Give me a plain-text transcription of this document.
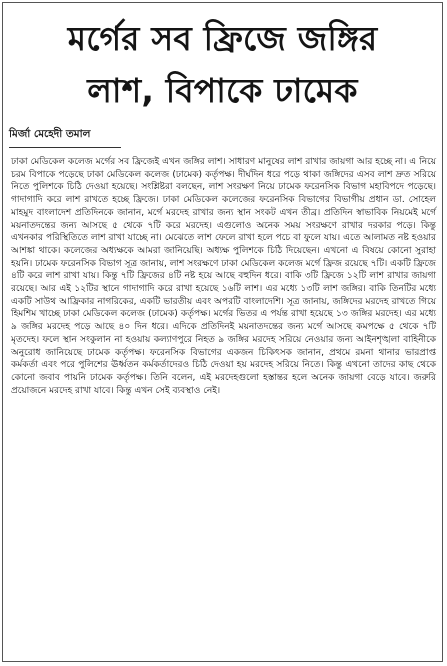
মর্গের সব ফ্রিজে জঙ্গির
লাশ, বিপাকে ঢামেক
মির্জা মেহেদী তমাল

ঢাকা মেডিকেল কলেজ মর্গের সব ফ্রিজেই এখন জঙ্গির লাশ। সাধারণ মানুষের লাশ রাখার জায়গা আর হচ্ছে না। এ নিয়ে চরম বিপাকে পড়েছে ঢাকা মেডিকেল কলেজ (ঢামেক) কর্তৃপক্ষ। দীর্ঘদিন ধরে পড়ে থাকা জঙ্গিদের এসব লাশ দ্রুত সরিয়ে নিতে পুলিশকে চিঠি দেওয়া হয়েছে। সংশ্লিষ্টরা বলছেন, লাশ সংরক্ষণ নিয়ে ঢামেক ফরেনসিক বিভাগ মহাবিপদে পড়েছে। গাদাগাদি করে লাশ রাখতে হচ্ছে ফ্রিজে। ঢাকা মেডিকেল কলেজের ফরেনসিক বিভাগের বিভাগীয় প্রধান ডা. সোহেল মাহমুদ বাংলাদেশ প্রতিদিনকে জানান, মর্গে মরদেহ রাখার জন্য স্থান সংকট এখন তীব্র। প্রতিদিন স্বাভাবিক নিয়মেই মর্গে ময়নাতদন্তের জন্য আসছে ৫ থেকে ৭টি করে মরদেহ। এগুলোও অনেক সময় সংরক্ষণে রাখার দরকার পড়ে। কিন্তু এখনকার পরিস্থিতিতে লাশ রাখা যাচ্ছে না। মেঝেতে লাশ ফেলে রাখা হলে পচে বা ফুলে যায়। এতে আলামত নষ্ট হওয়ার আশঙ্কা থাকে। কলেজের অধ্যক্ষকে আমরা জানিয়েছি। অধ্যক্ষ পুলিশকে চিঠি দিয়েছেন। এখনো এ বিষয়ে কোনো সুরাহা হয়নি। ঢামেক ফরেনসিক বিভাগ সূত্র জানায়, লাশ সংরক্ষণে ঢাকা মেডিকেল কলেজ মর্গে ফ্রিজ রয়েছে ৭টি। একটি ফ্রিজে ৪টি করে লাশ রাখা যায়। কিন্তু ৭টি ফ্রিজের ৪টি নষ্ট হয়ে আছে বহুদিন ধরে। বাকি ৩টি ফ্রিজে ১২টি লাশ রাখার জায়গা রয়েছে। আর এই ১২টির স্থানে গাদাগাদি করে রাখা হয়েছে ১৬টি লাশ। এর মধ্যে ১৩টি লাশ জঙ্গির। বাকি তিনটির মধ্যে একটি সাউথ আফ্রিকার নাগরিকের, একটি ভারতীয় এবং অপরটি বাংলাদেশি। সূত্র জানায়, জঙ্গিদের মরদেহ রাখতে গিয়ে হিমশিম খাচ্ছে ঢাকা মেডিকেল কলেজ (ঢামেক) কর্তৃপক্ষ। মর্গের ভিতর এ পর্যন্ত রাখা হয়েছে ১৩ জঙ্গির মরদেহ। এর মধ্যে ৯ জঙ্গির মরদেহ পড়ে আছে ৪০ দিন ধরে। এদিকে প্রতিদিনই ময়নাতদন্তের জন্য মর্গে আসছে কমপক্ষে ৫ থেকে ৭টি মৃতদেহ। ফলে স্থান সংকুলান না হওয়ায় কল্যাণপুরে নিহত ৯ জঙ্গির মরদেহ সরিয়ে নেওয়ার জন্য আইনশৃঙ্খলা বাহিনীকে অনুরোধ জানিয়েছে ঢামেক কর্তৃপক্ষ। ফরেনসিক বিভাগের একজন চিকিৎসক জানান, প্রথমে রমনা থানার ভারপ্রাপ্ত কর্মকর্তা এবং পরে পুলিশের ঊর্ধ্বতন কর্মকর্তাদেরও চিঠি দেওয়া হয় মরদেহ সরিয়ে নিতে। কিন্তু এখনো তাদের কাছ থেকে কোনো জবাব পায়নি ঢামেক কর্তৃপক্ষ। তিনি বলেন, এই মরদেহগুলো হস্তান্তর হলে অনেক জায়গা বেড়ে যাবে। জরুরি প্রয়োজনে মরদেহ রাখা যাবে। কিন্তু এখন সেই ব্যবস্থাও নেই।
